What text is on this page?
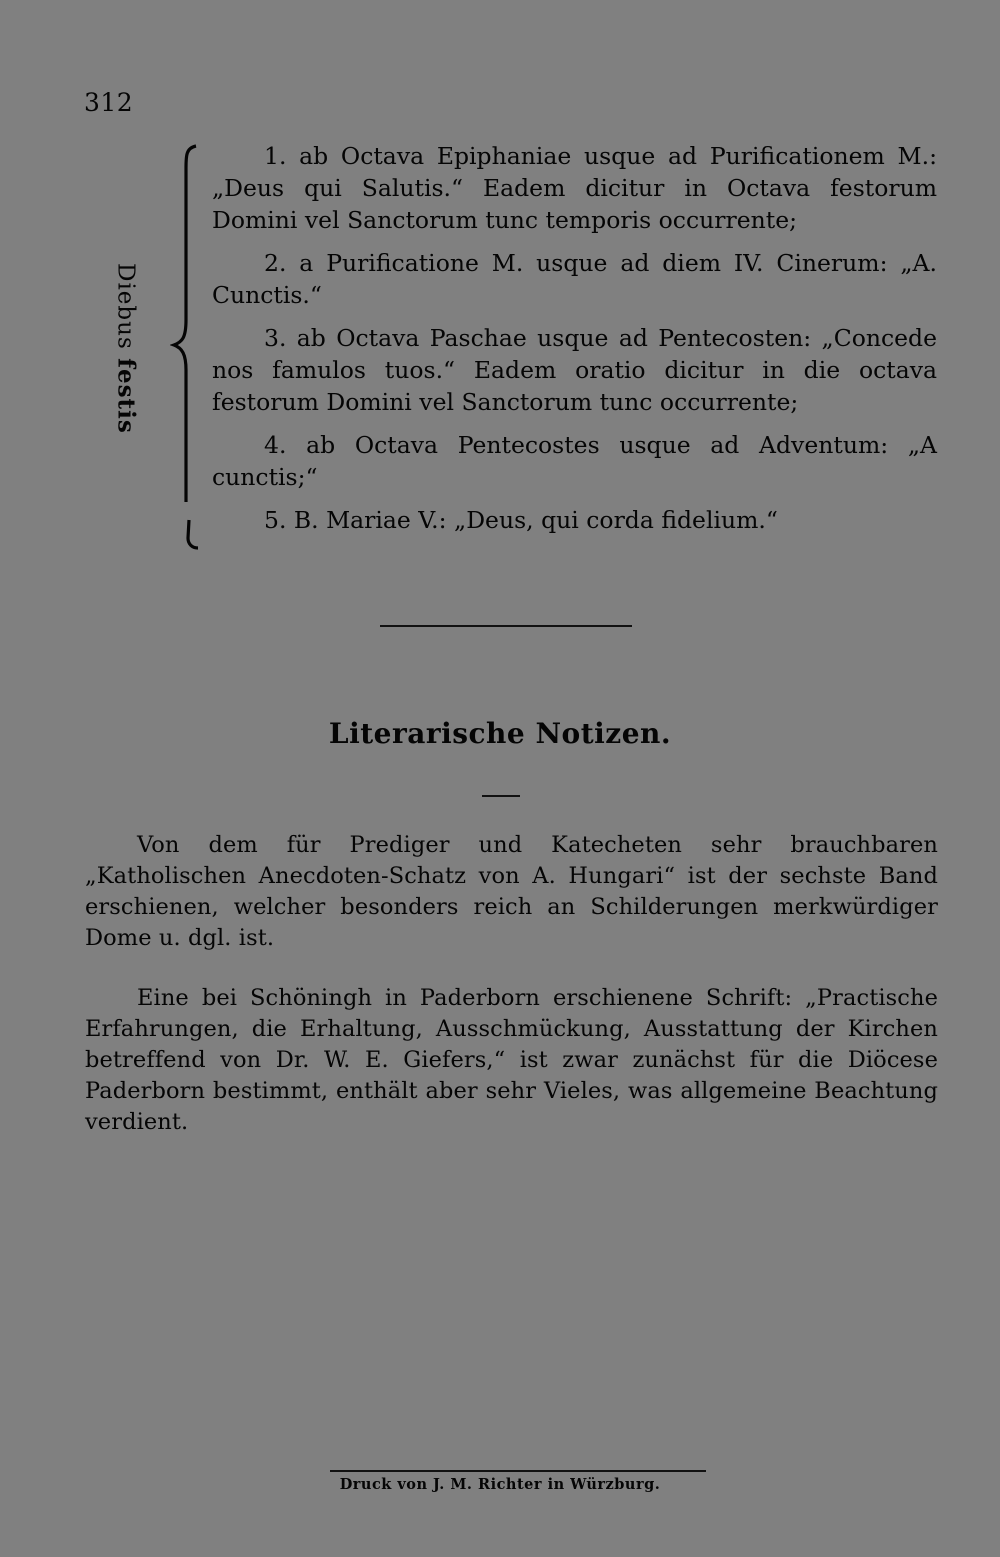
312
Diebus festis

1. ab Octava Epiphaniae usque ad Purificationem M.: „Deus qui Salutis.“ Eadem dicitur in Octava festorum Domini vel Sanctorum tunc temporis occurrente;

2. a Purificatione M. usque ad diem IV. Cinerum: „A. Cunctis.“

3. ab Octava Paschae usque ad Pentecosten: „Concede nos famulos tuos.“ Eadem oratio dicitur in die octava festorum Domini vel Sanctorum tunc occurrente;

4. ab Octava Pentecostes usque ad Adventum: „A cunctis;“

5. B. Mariae V.: „Deus, qui corda fidelium.“

Literarische Notizen.

Von dem für Prediger und Katecheten sehr brauchbaren „Katholischen Anecdoten-Schatz von A. Hungari“ ist der sechste Band erschienen, welcher besonders reich an Schilderungen merkwürdiger Dome u. dgl. ist.

Eine bei Schöningh in Paderborn erschienene Schrift: „Practische Erfahrungen, die Erhaltung, Ausschmückung, Ausstattung der Kirchen betreffend von Dr. W. E. Giefers,“ ist zwar zunächst für die Diöcese Paderborn bestimmt, enthält aber sehr Vieles, was allgemeine Beachtung verdient.

Druck von J. M. Richter in Würzburg.
